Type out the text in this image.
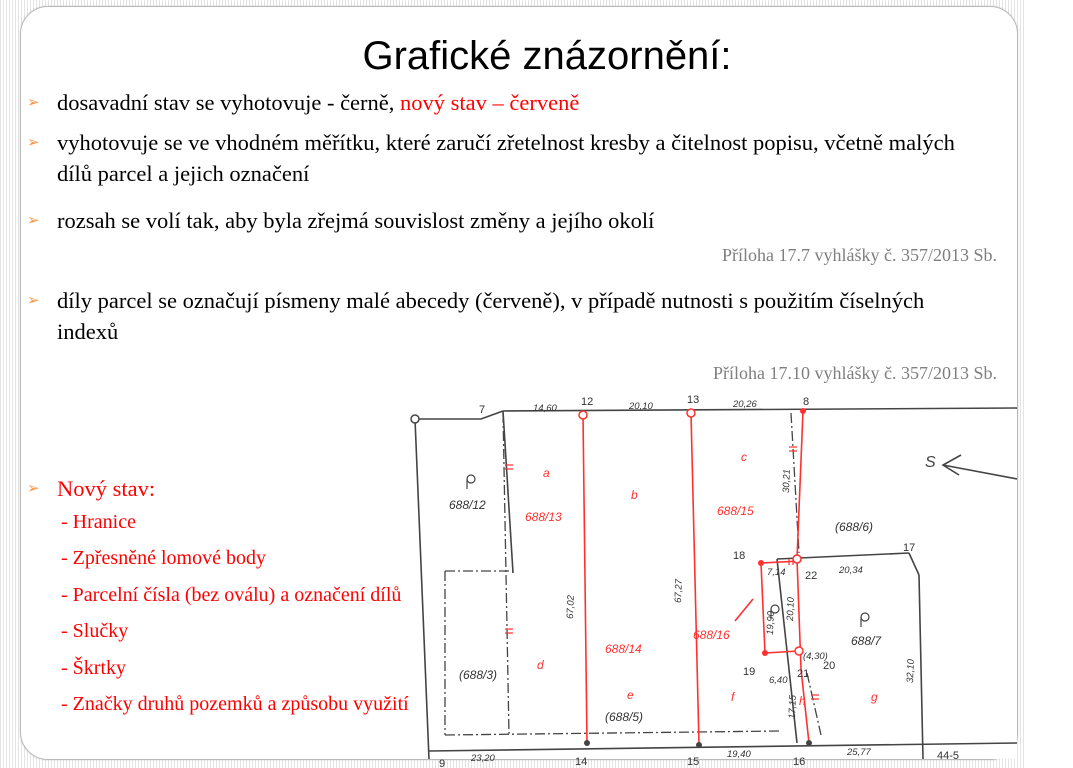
Grafické znázornění:
➢ dosavadní stav se vyhotovuje - černě, nový stav – červeně
➢ vyhotovuje se ve vhodném měřítku, které zaručí zřetelnost kresby a čitelnost popisu, včetně malých dílů parcel a jejich označení
➢ rozsah se volí tak, aby byla zřejmá souvislost změny a jejího okolí
Příloha 17.7 vyhlášky č. 357/2013 Sb.
➢ díly parcel se označují písmeny malé abecedy (červeně), v případě nutnosti s použitím číselných indexů
Příloha 17.10 vyhlášky č. 357/2013 Sb.
S
7
12	13	8
18
17
22
19	21
20
9	14	15	16	44-5
14,60	20,10	20,26
30,21
7,14	20,34
67,02
67,27
20,10
19,90
(4,30)
6,40
17,15
32,10
23,20	19,40	25,77
688/12
(688/6)
688/7
(688/3)
(688/5)
688/13	688/15
688/14
688/16
a
b
c
d
e	f	g
h
➢ Nový stav:
- Hranice
- Zpřesněné lomové body
- Parcelní čísla (bez oválu) a označení dílů
- Slučky
- Škrtky
- Značky druhů pozemků a způsobu využití
